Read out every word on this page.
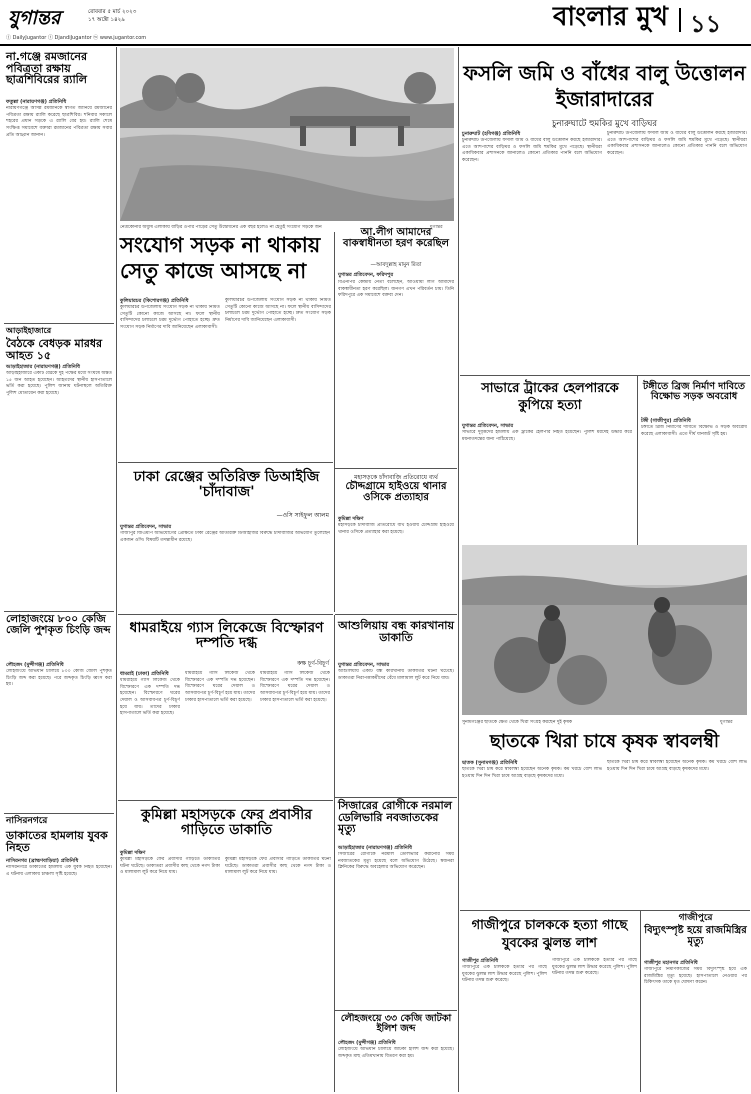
যুগান্তর	রোববার ৫ মার্চ ২০২৩
১৭ অক্টো ১৪২৯
ⓕ DailyJugantor ⓣ DjandiJugantor ⓦ www.jugantor.com
বাংলার মুখ ১১
না.গঞ্জে রমজানের পবিত্রতা রক্ষায় ছাত্রশিবিরের র‍্যালি
ফতুল্লা (নারায়ণগঞ্জ) প্রতিনিধি
নারায়ণগঞ্জে আসন্ন রমজানকে স্বাগত জানিয়ে রমজানের পবিত্রতা রক্ষায় র‍্যালি করেছে ছাত্রশিবির। শনিবার সকালে শহরের প্রধান সড়কে এ র‍্যালি বের হয়। র‍্যালি শেষে সংক্ষিপ্ত সমাবেশে বক্তারা রমজানের পবিত্রতা রক্ষায় সবার প্রতি আহ্বান জানান।
আড়াইহাজারে
বৈঠকে বেধড়ক মারধর আহত ১৫
আড়াইহাজার (নারায়ণগঞ্জ) প্রতিনিধি
আড়াইহাজারে একটি বৈঠকে দুই পক্ষের মধ্যে সংঘর্ষে অন্তত ১৫ জন আহত হয়েছেন। আহতদের স্থানীয় হাসপাতালে ভর্তি করা হয়েছে। পুলিশ জানায় ঘটনাস্থলে অতিরিক্ত পুলিশ মোতায়েন করা হয়েছে।
লোহাজংয়ে ৮০০ কেজি জেলি পুশকৃত চিংড়ি জব্দ
লৌহজং (মুন্সীগঞ্জ) প্রতিনিধি
লৌহজংয়ে অভিযান চালিয়ে ৮০০ কেজি জেলি পুশকৃত চিংড়ি জব্দ করা হয়েছে। পরে জব্দকৃত চিংড়ি ধ্বংস করা হয়।
নাসিরনগরে
ডাকাতের হামলায় যুবক নিহত
নাসিরনগর (ব্রাহ্মণবাড়িয়া) প্রতিনিধি
নাসিরনগরে ডাকাতের হামলায় এক যুবক নিহত হয়েছেন। এ ঘটনায় এলাকায় চাঞ্চল্য সৃষ্টি হয়েছে।
নেত্রকোনার অধ্যুষ এলাকায় বাড়ির ওপার পাড়ের সেতু উদ্বোধনের এক বছর হলেও না হেতুই সংযোগ সড়কে জন	যুগান্তর
সংযোগ সড়ক না থাকায় সেতু কাজে আসছে না
কুলিয়ারচর (কিশোরগঞ্জ) প্রতিনিধি
কুলিয়ারচর উপজেলায় সংযোগ সড়ক না থাকায় নির্মিত সেতুটি কোনো কাজে আসছে না। ফলে স্থানীয় বাসিন্দাদের চলাচলে চরম দুর্ভোগ পোহাতে হচ্ছে। দ্রুত সংযোগ সড়ক নির্মাণের দাবি জানিয়েছেন এলাকাবাসী।
কুলিয়ারচর উপজেলায় সংযোগ সড়ক না থাকায় নির্মিত সেতুটি কোনো কাজে আসছে না। ফলে স্থানীয় বাসিন্দাদের চলাচলে চরম দুর্ভোগ পোহাতে হচ্ছে। দ্রুত সংযোগ সড়ক নির্মাণের দাবি জানিয়েছেন এলাকাবাসী।
আ.লীগ আমাদের বাকস্বাধীনতা হরণ করেছিল
—আবদুল্লাহ মামুন রিতা
যুগান্তর প্রতিবেদন, ফরিদপুর
বিএনপির কেন্দ্রীয় নেতা বলেছেন, আওয়ামী লীগ আমাদের বাকস্বাধীনতা হরণ করেছিল। জনগণ এখন পরিবর্তন চায়। তিনি ফরিদপুরে এক সমাবেশে বক্তব্য দেন।
মহাসড়কে চাঁদাবাজি প্রতিরোধে ব্যর্থ
চৌদ্দগ্রামে হাইওয়ে থানার ওসিকে প্রত্যাহার
কুমিল্লা দক্ষিণ
মহাসড়কে চাঁদাবাজি প্রতিরোধে ব্যর্থ হওয়ায় চৌদ্দগ্রাম হাইওয়ে থানার ওসিকে প্রত্যাহার করা হয়েছে।
ঢাকা রেঞ্জের অতিরিক্ত ডিআইজি 'চাঁদাবাজ'
—ওসি সাইফুল আলম
যুগান্তর প্রতিবেদন, সাভার
গাজীপুর জিএমপি অভিযোগের প্রেক্ষিতে ঢাকা রেঞ্জের অতিরিক্ত ডিআইজির বিরুদ্ধে চাঁদাবাজির অভিযোগ তুলেছেন একজন ওসি। বিষয়টি তদন্তাধীন রয়েছে।
ধামরাইয়ে গ্যাস লিকেজে বিস্ফোরণ দম্পতি দগ্ধ
কক্ষ চূর্ণ-বিচূর্ণ
ধামরাই (ঢাকা) প্রতিনিধি
ধামরাইয়ে গ্যাস লিকেজ থেকে বিস্ফোরণে এক দম্পতি দগ্ধ হয়েছেন। বিস্ফোরণে ঘরের দেয়াল ও আসবাবপত্র চূর্ণ-বিচূর্ণ হয়ে যায়। তাদের ঢাকার হাসপাতালে ভর্তি করা হয়েছে।
ধামরাইয়ে গ্যাস লিকেজ থেকে বিস্ফোরণে এক দম্পতি দগ্ধ হয়েছেন। বিস্ফোরণে ঘরের দেয়াল ও আসবাবপত্র চূর্ণ-বিচূর্ণ হয়ে যায়। তাদের ঢাকার হাসপাতালে ভর্তি করা হয়েছে।
ধামরাইয়ে গ্যাস লিকেজ থেকে বিস্ফোরণে এক দম্পতি দগ্ধ হয়েছেন। বিস্ফোরণে ঘরের দেয়াল ও আসবাবপত্র চূর্ণ-বিচূর্ণ হয়ে যায়। তাদের ঢাকার হাসপাতালে ভর্তি করা হয়েছে।
আশুলিয়ায় বন্ধ কারখানায় ডাকাতি
যুগান্তর প্রতিবেদন, সাভার
আশুলিয়ায় একটি বন্ধ কারখানায় ডাকাতির ঘটনা ঘটেছে। ডাকাতরা নিরাপত্তাকর্মীদের বেঁধে মালামাল লুট করে নিয়ে যায়।
সিজারের রোগীকে নরমাল ডেলিভারি নবজাতকের মৃত্যু
আড়াইহাজার (নারায়ণগঞ্জ) প্রতিনিধি
সিজারের রোগীকে নরমাল ডেলিভারি করানোর সময় নবজাতকের মৃত্যু হয়েছে বলে অভিযোগ উঠেছে। স্বজনরা ক্লিনিকের বিরুদ্ধে অবহেলার অভিযোগ করেছেন।
লৌহজংয়ে ৩৩ কেজি জাটকা ইলিশ জব্দ
লৌহজং (মুন্সীগঞ্জ) প্রতিনিধি
লৌহজংয়ে অভিযান চালিয়ে জাটকা ইলিশ জব্দ করা হয়েছে। জব্দকৃত মাছ এতিমখানায় বিতরণ করা হয়।
কুমিল্লা মহাসড়কে ফের প্রবাসীর গাড়িতে ডাকাতি
কুমিল্লা দক্ষিণ
কুমিল্লা মহাসড়কে ফের প্রবাসীর গাড়িতে ডাকাতির ঘটনা ঘটেছে। ডাকাতরা প্রবাসীর কাছ থেকে নগদ টাকা ও মালামাল লুট করে নিয়ে যায়।
কুমিল্লা মহাসড়কে ফের প্রবাসীর গাড়িতে ডাকাতির ঘটনা ঘটেছে। ডাকাতরা প্রবাসীর কাছ থেকে নগদ টাকা ও মালামাল লুট করে নিয়ে যায়।
ফসলি জমি ও বাঁধের বালু উত্তোলন ইজারাদারের
চুনারুঘাটে হুমকির মুখে বাড়িঘর
চুনারুঘাট (হবিগঞ্জ) প্রতিনিধি
চুনারুঘাট উপজেলায় ফসলি জমি ও বাঁধের বালু উত্তোলন করছে ইজারাদার। এতে আশপাশের বাড়িঘর ও ফসলি জমি হুমকির মুখে পড়েছে। স্থানীয়রা একাধিকবার প্রশাসনকে জানালেও কোনো প্রতিকার পাননি বলে অভিযোগ করেছেন।
চুনারুঘাট উপজেলায় ফসলি জমি ও বাঁধের বালু উত্তোলন করছে ইজারাদার। এতে আশপাশের বাড়িঘর ও ফসলি জমি হুমকির মুখে পড়েছে। স্থানীয়রা একাধিকবার প্রশাসনকে জানালেও কোনো প্রতিকার পাননি বলে অভিযোগ করেছেন।
সাভারে ট্রাকের হেলপারকে কুপিয়ে হত্যা
যুগান্তর প্রতিবেদন, সাভার
সাভারে দুর্বৃত্তদের হামলায় এক ট্রাকের হেলপার নিহত হয়েছেন। পুলিশ মরদেহ উদ্ধার করে ময়নাতদন্তের জন্য পাঠিয়েছে।
টঙ্গীতে ব্রিজ নির্মাণ দাবিতে বিক্ষোভ সড়ক অবরোধ
টঙ্গী (গাজীপুর) প্রতিনিধি
টঙ্গীতে ব্রিজ নির্মাণের দাবিতে বিক্ষোভ ও সড়ক অবরোধ করেছে এলাকাবাসী। এতে দীর্ঘ যানজট সৃষ্টি হয়।
সুনামগঞ্জের ছাতকে ক্ষেত থেকে খিরা সংগ্রহ করছেন দুই কৃষক	যুগান্তর
ছাতকে খিরা চাষে কৃষক স্বাবলম্বী
ছাতক (সুনামগঞ্জ) প্রতিনিধি
ছাতকে খিরা চাষ করে স্বাবলম্বী হয়েছেন অনেক কৃষক। কম খরচে বেশি লাভ হওয়ায় দিন দিন খিরা চাষে আগ্রহ বাড়ছে কৃষকদের মধ্যে।
ছাতকে খিরা চাষ করে স্বাবলম্বী হয়েছেন অনেক কৃষক। কম খরচে বেশি লাভ হওয়ায় দিন দিন খিরা চাষে আগ্রহ বাড়ছে কৃষকদের মধ্যে।
গাজীপুরে চালককে হত্যা গাছে যুবকের ঝুলন্ত লাশ
গাজীপুর প্রতিনিধি
গাজীপুরে এক চালককে হত্যার পর গাছে যুবকের ঝুলন্ত লাশ উদ্ধার করেছে পুলিশ। পুলিশ ঘটনার তদন্ত শুরু করেছে।
গাজীপুরে এক চালককে হত্যার পর গাছে যুবকের ঝুলন্ত লাশ উদ্ধার করেছে পুলিশ। পুলিশ ঘটনার তদন্ত শুরু করেছে।
গাজীপুরে
বিদ্যুৎস্পৃষ্ট হয়ে রাজমিস্ত্রির মৃত্যু
গাজীপুর মহানগর প্রতিনিধি
গাজীপুরে নির্মাণকাজের সময় বিদ্যুৎস্পৃষ্ট হয়ে এক রাজমিস্ত্রির মৃত্যু হয়েছে। হাসপাতালে নেওয়ার পর চিকিৎসক তাকে মৃত ঘোষণা করেন।
